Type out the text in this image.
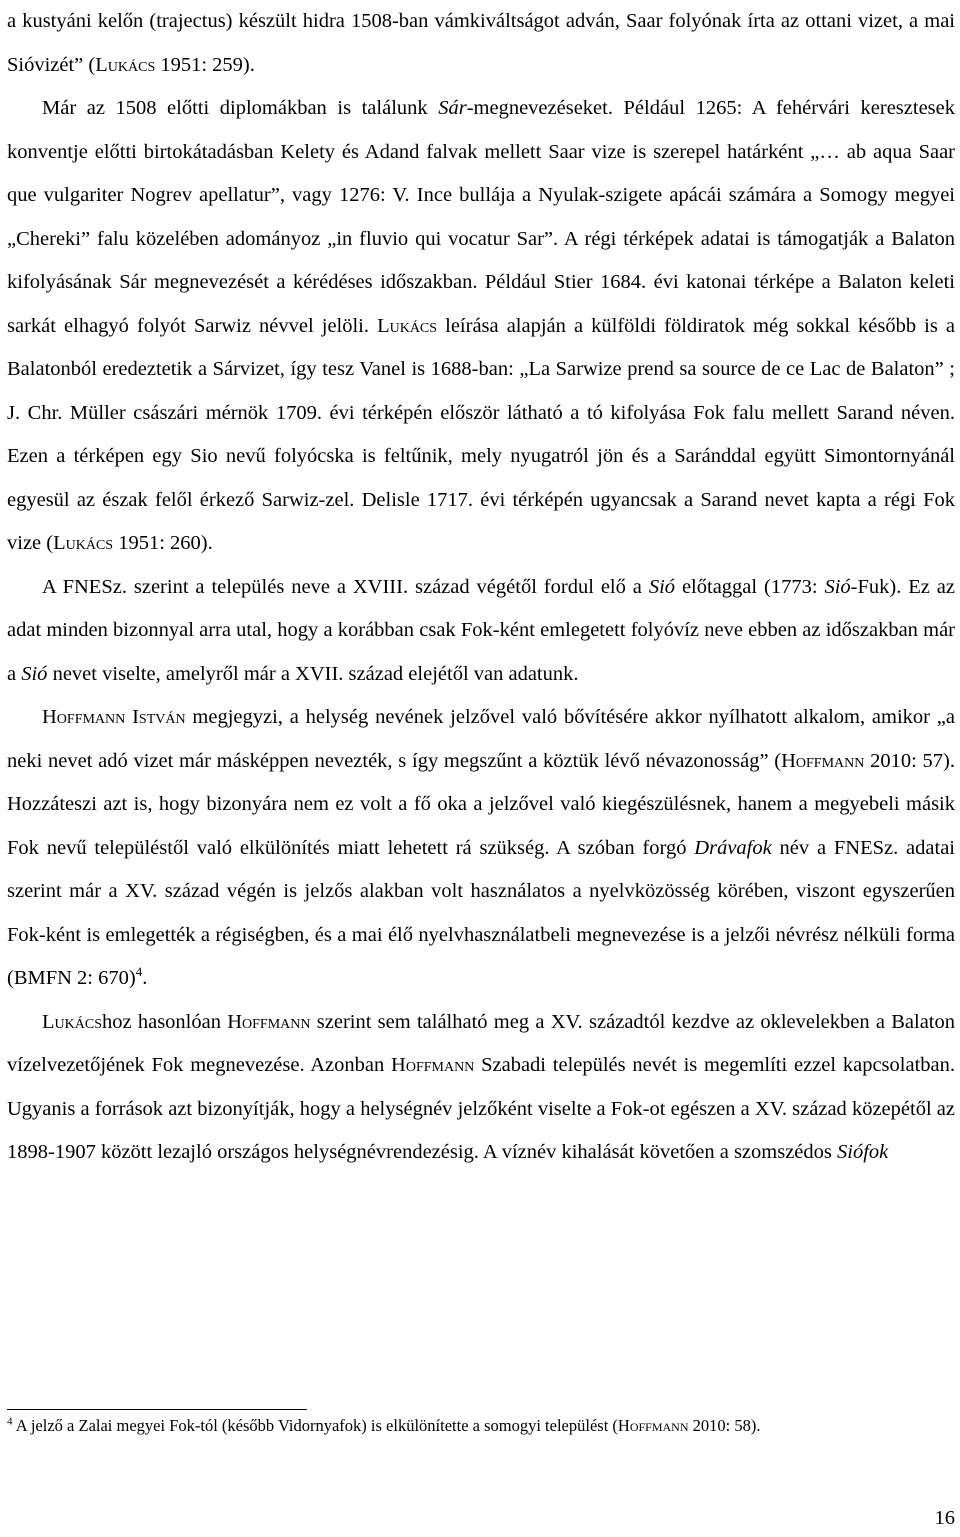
a kustyáni kelőn (trajectus) készült hidra 1508-ban vámkiváltságot adván, Saar folyónak írta az ottani vizet, a mai Sióvizét” (Lukács 1951: 259).

Már az 1508 előtti diplomákban is találunk Sár-megnevezéseket. Például 1265: A fehérvári keresztesek konventje előtti birtokátadásban Kelety és Adand falvak mellett Saar vize is szerepel határként „… ab aqua Saar que vulgariter Nogrev apellatur”, vagy 1276: V. Ince bullája a Nyulak-szigete apácái számára a Somogy megyei „Chereki” falu közelében adományoz „in fluvio qui vocatur Sar”. A régi térképek adatai is támogatják a Balaton kifolyásának Sár megnevezését a kérédéses időszakban. Például Stier 1684. évi katonai térképe a Balaton keleti sarkát elhagyó folyót Sarwiz névvel jelöli. Lukács leírása alapján a külföldi földiratok még sokkal később is a Balatonból eredeztetik a Sárvizet, így tesz Vanel is 1688-ban: „La Sarwize prend sa source de ce Lac de Balaton” ; J. Chr. Müller császári mérnök 1709. évi térképén először látható a tó kifolyása Fok falu mellett Sarand néven. Ezen a térképen egy Sio nevű folyócska is feltűnik, mely nyugatról jön és a Saránddal együtt Simontornyánál egyesül az észak felől érkező Sarwiz-zel. Delisle 1717. évi térképén ugyancsak a Sarand nevet kapta a régi Fok vize (Lukács 1951: 260).

A FNESz. szerint a település neve a XVIII. század végétől fordul elő a Sió előtaggal (1773: Sió-Fuk). Ez az adat minden bizonnyal arra utal, hogy a korábban csak Fok-ként emlegetett folyóvíz neve ebben az időszakban már a Sió nevet viselte, amelyről már a XVII. század elejétől van adatunk.

Hoffmann István megjegyzi, a helység nevének jelzővel való bővítésére akkor nyílhatott alkalom, amikor „a neki nevet adó vizet már másképpen nevezték, s így megszűnt a köztük lévő névazonosság” (Hoffmann 2010: 57). Hozzáteszi azt is, hogy bizonyára nem ez volt a fő oka a jelzővel való kiegészülésnek, hanem a megyebeli másik Fok nevű településtől való elkülönítés miatt lehetett rá szükség. A szóban forgó Drávafok név a FNESz. adatai szerint már a XV. század végén is jelzős alakban volt használatos a nyelvközösség körében, viszont egyszerűen Fok-ként is emlegették a régiségben, és a mai élő nyelvhasználatbeli megnevezése is a jelzői névrész nélküli forma (BMFN 2: 670)$^4$.

Lukácshoz hasonlóan Hoffmann szerint sem található meg a XV. századtól kezdve az oklevelekben a Balaton vízelvezetőjének Fok megnevezése. Azonban Hoffmann Szabadi település nevét is megemlíti ezzel kapcsolatban. Ugyanis a források azt bizonyítják, hogy a helységnév jelzőként viselte a Fok-ot egészen a XV. század közepétől az 1898-1907 között lezajló országos helységnévrendezésig. A víznév kihalását követően a szomszédos Siófok

$^4$ A jelző a Zalai megyei Fok-tól (később Vidornyafok) is elkülönítette a somogyi települést (Hoffmann 2010: 58).
16
